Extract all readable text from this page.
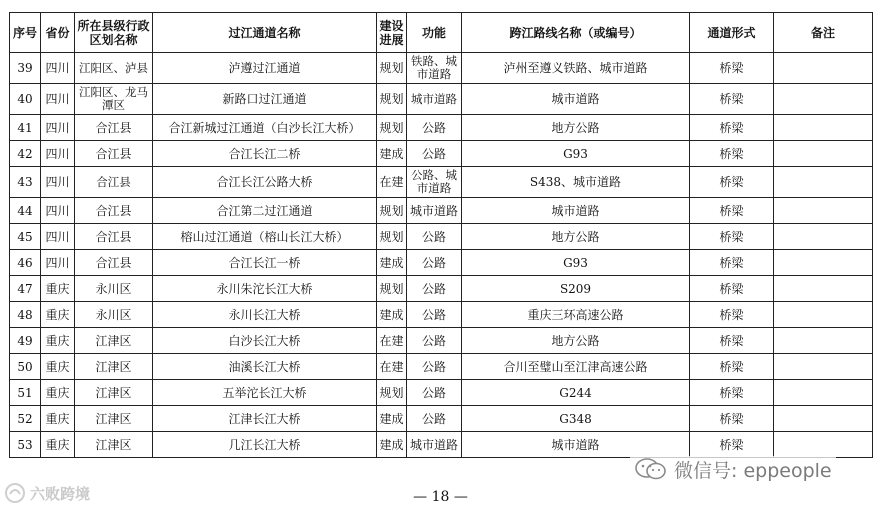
序号	省份	所在县级行政区划名称	过江通道名称	建设进展	功能	跨江路线名称（或编号）	通道形式	备注
39	四川	江阳区、泸县	泸遵过江通道	规划	铁路、城市道路	泸州至遵义铁路、城市道路	桥梁	
40	四川	江阳区、龙马潭区	新路口过江通道	规划	城市道路	城市道路	桥梁	
41	四川	合江县	合江新城过江通道（白沙长江大桥）	规划	公路	地方公路	桥梁	
42	四川	合江县	合江长江二桥	建成	公路	G93	桥梁	
43	四川	合江县	合江长江公路大桥	在建	公路、城市道路	S438、城市道路	桥梁	
44	四川	合江县	合江第二过江通道	规划	城市道路	城市道路	桥梁	
45	四川	合江县	榕山过江通道（榕山长江大桥）	规划	公路	地方公路	桥梁	
46	四川	合江县	合江长江一桥	建成	公路	G93	桥梁	
47	重庆	永川区	永川朱沱长江大桥	规划	公路	S209	桥梁	
48	重庆	永川区	永川长江大桥	建成	公路	重庆三环高速公路	桥梁	
49	重庆	江津区	白沙长江大桥	在建	公路	地方公路	桥梁	
50	重庆	江津区	油溪长江大桥	在建	公路	合川至璧山至江津高速公路	桥梁	
51	重庆	江津区	五举沱长江大桥	规划	公路	G244	桥梁	
52	重庆	江津区	江津长江大桥	建成	公路	G348	桥梁	
53	重庆	江津区	几江长江大桥	建成	城市道路	城市道路	桥梁	
— 18 —
六败跨境
微信号: eppeople
